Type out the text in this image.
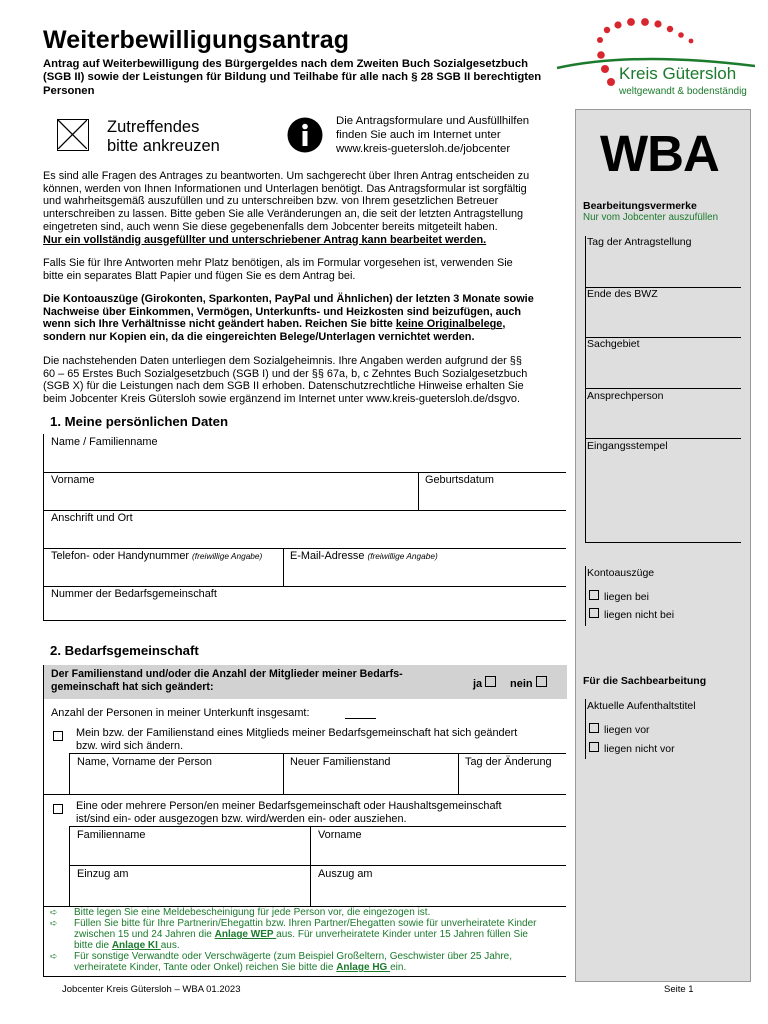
Weiterbewilligungsantrag
Antrag auf Weiterbewilligung des Bürgergeldes nach dem Zweiten Buch Sozialgesetzbuch (SGB II) sowie der Leistungen für Bildung und Teilhabe für alle nach § 28 SGB II berechtigten Personen
Kreis Gütersloh
weltgewandt & bodenständig
Zutreffendes
bitte ankreuzen
Die Antragsformulare und Ausfüllhilfen
finden Sie auch im Internet unter
www.kreis-guetersloh.de/jobcenter
Es sind alle Fragen des Antrages zu beantworten. Um sachgerecht über Ihren Antrag entscheiden zu
können, werden von Ihnen Informationen und Unterlagen benötigt. Das Antragsformular ist sorgfältig
und wahrheitsgemäß auszufüllen und zu unterschreiben bzw. von Ihrem gesetzlichen Betreuer
unterschreiben zu lassen. Bitte geben Sie alle Veränderungen an, die seit der letzten Antragstellung
eingetreten sind, auch wenn Sie diese gegebenenfalls dem Jobcenter bereits mitgeteilt haben.
Nur ein vollständig ausgefüllter und unterschriebener Antrag kann bearbeitet werden.
Falls Sie für Ihre Antworten mehr Platz benötigen, als im Formular vorgesehen ist, verwenden Sie
bitte ein separates Blatt Papier und fügen Sie es dem Antrag bei.
Die Kontoauszüge (Girokonten, Sparkonten, PayPal und Ähnlichen) der letzten 3 Monate sowie
Nachweise über Einkommen, Vermögen, Unterkunfts- und Heizkosten sind beizufügen, auch
wenn sich Ihre Verhältnisse nicht geändert haben. Reichen Sie bitte keine Originalbelege,
sondern nur Kopien ein, da die eingereichten Belege/Unterlagen vernichtet werden.
Die nachstehenden Daten unterliegen dem Sozialgeheimnis. Ihre Angaben werden aufgrund der §§
60 – 65 Erstes Buch Sozialgesetzbuch (SGB I) und der §§ 67a, b, c Zehntes Buch Sozialgesetzbuch
(SGB X) für die Leistungen nach dem SGB II erhoben. Datenschutzrechtliche Hinweise erhalten Sie
beim Jobcenter Kreis Gütersloh sowie ergänzend im Internet unter www.kreis-guetersloh.de/dsgvo.
1. Meine persönlichen Daten
Name / Familienname
Vorname	Geburtsdatum
Anschrift und Ort
Telefon- oder Handynummer (freiwillige Angabe)	E-Mail-Adresse (freiwillige Angabe)
Nummer der Bedarfsgemeinschaft
2. Bedarfsgemeinschaft
Der Familienstand und/oder die Anzahl der Mitglieder meiner Bedarfs-
gemeinschaft hat sich geändert:	ja	nein
Anzahl der Personen in meiner Unterkunft insgesamt:
Mein bzw. der Familienstand eines Mitglieds meiner Bedarfsgemeinschaft hat sich geändert
bzw. wird sich ändern.
Name, Vorname der Person	Neuer Familienstand	Tag der Änderung
Eine oder mehrere Person/en meiner Bedarfsgemeinschaft oder Haushaltsgemeinschaft
ist/sind ein- oder ausgezogen bzw. wird/werden ein- oder ausziehen.
Familienname	Vorname
Einzug am	Auszug am
➪	Bitte legen Sie eine Meldebescheinigung für jede Person vor, die eingezogen ist.
➪ Füllen Sie bitte für Ihre Partnerin/Ehegattin bzw. Ihren Partner/Ehegatten sowie für unverheiratete Kinder
zwischen 15 und 24 Jahren die Anlage WEP aus. Für unverheiratete Kinder unter 15 Jahren füllen Sie
bitte die Anlage KI aus.
➪ Für sonstige Verwandte oder Verschwägerte (zum Beispiel Großeltern, Geschwister über 25 Jahre,
verheiratete Kinder, Tante oder Onkel) reichen Sie bitte die Anlage HG ein.
WBA
Bearbeitungsvermerke
Nur vom Jobcenter auszufüllen
Tag der Antragstellung
Ende des BWZ
Sachgebiet
Ansprechperson
Eingangsstempel
Kontoauszüge
liegen bei
liegen nicht bei
Für die Sachbearbeitung
Aktuelle Aufenthaltstitel
liegen vor
liegen nicht vor
Jobcenter Kreis Gütersloh – WBA 01.2023	Seite 1
